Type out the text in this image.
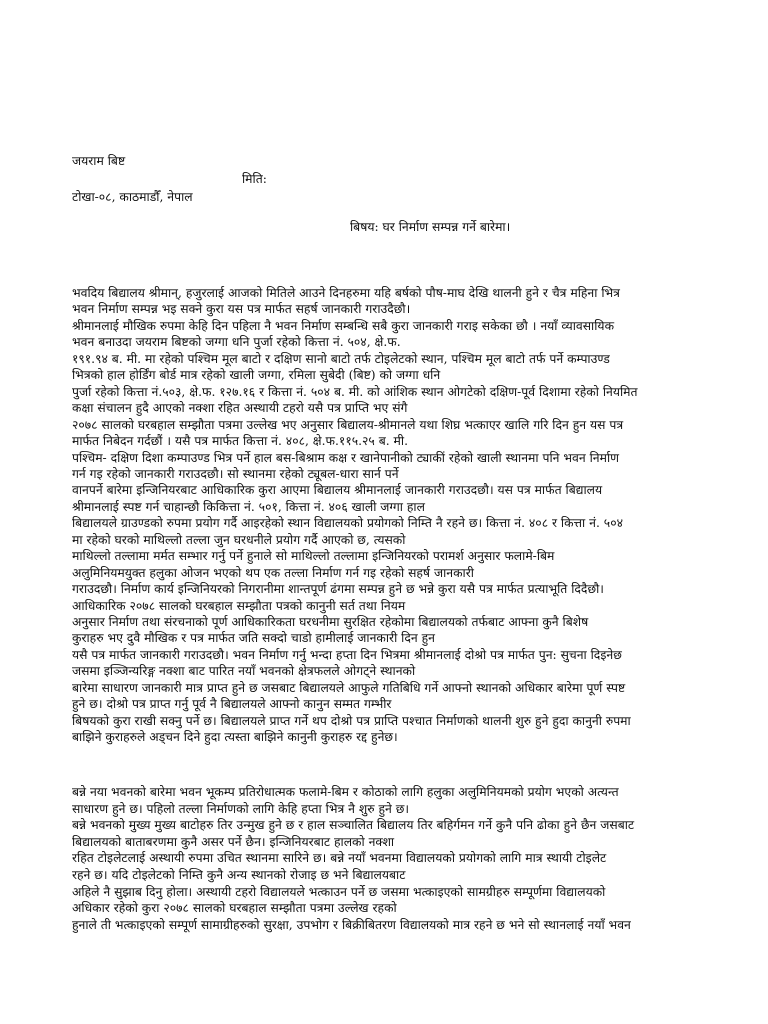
जयराम बिष्ट
मिति:
टोखा-०८, काठमाडौँ, नेपाल
बिषय: घर निर्माण सम्पन्न गर्ने बारेमा।
भवदिय बिद्यालय श्रीमान्, हजुरलाई आजको मितिले आउने दिनहरुमा यहि बर्षको पौष-माघ देखि थालनी हुने र चैत्र महिना भित्र
भवन निर्माण सम्पन्न भइ सक्ने कुरा यस पत्र मार्फत सहर्ष जानकारी गराउदैछौ।
श्रीमानलाई मौखिक रुपमा केहि दिन पहिला नै भवन निर्माण सम्बन्धि सबै कुरा जानकारी गराइ सकेका छौ । नयाँ व्यावसायिक
भवन बनाउदा जयराम बिष्टको जग्गा धनि पुर्जा रहेको कित्ता नं. ५०४, क्षे.फ.
१९१.९४ ब. मी. मा रहेको पश्चिम मूल बाटो र दक्षिण सानो बाटो तर्फ टोइलेटको स्थान, पश्चिम मूल बाटो तर्फ पर्ने कम्पाउण्ड
भित्रको हाल होर्डिंग बोर्ड मात्र रहेको खाली जग्गा, रमिला सुबेदी (बिष्ट) को जग्गा धनि
पुर्जा रहेको कित्ता नं.५०३, क्षे.फ. १२७.१६ र कित्ता नं. ५०४ ब. मी. को आंशिक स्थान ओगटेको दक्षिण-पूर्व दिशामा रहेको नियमित
कक्षा संचालन हुदै आएको नक्शा रहित अस्थायी टहरो यसै पत्र प्राप्ति भए संगै
२०७८ सालको घरबहाल सम्झौता पत्रमा उल्लेख भए अनुसार बिद्यालय-श्रीमानले यथा शिघ्र भत्काएर खालि गरि दिन हुन यस पत्र
मार्फत निबेदन गर्दछौं । यसै पत्र मार्फत कित्ता नं. ४०८, क्षे.फ.११५.२५ ब. मी.
पश्चिम- दक्षिण दिशा कम्पाउण्ड भित्र पर्ने हाल बस-बिश्राम कक्ष र खानेपानीको ट्याकीं रहेको खाली स्थानमा पनि भवन निर्माण
गर्न गइ रहेको जानकारी गराउदछौ। सो स्थानमा रहेको ट्यूबल-धारा सार्न पर्ने
वानपर्ने बारेमा इन्जिनियरबाट आधिकारिक कुरा आएमा बिद्यालय श्रीमानलाई जानकारी गराउदछौ। यस पत्र मार्फत बिद्यालय
श्रीमानलाई स्पष्ट गर्न चाहान्छौ किकित्ता नं. ५०१, कित्ता नं. ४०६ खाली जग्गा हाल
बिद्यालयले ग्राउण्डको रुपमा प्रयोग गर्दै आइरहेको स्थान विद्यालयको प्रयोगको निम्ति नै रहने छ। कित्ता नं. ४०८ र कित्ता नं. ५०४
मा रहेको घरको माथिल्लो तल्ला जुन घरधनीले प्रयोग गर्दै आएको छ, त्यसको
माथिल्लो तल्लामा मर्मत सम्भार गर्नु पर्ने हुनाले सो माथिल्लो तल्लामा इन्जिनियरको परामर्श अनुसार फलामे-बिम
अलुमिनियमयुक्त हलुका ओजन भएको थप एक तल्ला निर्माण गर्न गइ रहेको सहर्ष जानकारी
गराउदछौ। निर्माण कार्य इन्जिनियरको निगरानीमा शान्तपूर्ण ढंगमा सम्पन्न हुने छ भन्ने कुरा यसै पत्र मार्फत प्रत्याभूति दिदैछौ।
आधिकारिक २०७८ सालको घरबहाल सम्झौता पत्रको कानुनी सर्त तथा नियम
अनुसार निर्माण तथा संरचनाको पूर्ण आधिकारिकता घरधनीमा सुरक्षित रहेकोमा बिद्यालयको तर्फबाट आफ्ना कुनै बिशेष
कुराहरु भए दुवै मौखिक र पत्र मार्फत जति सक्दो चाडो हामीलाई जानकारी दिन हुन
यसै पत्र मार्फत जानकारी गराउदछौ। भवन निर्माण गर्नु भन्दा हप्ता दिन भित्रमा श्रीमानलाई दोश्रो पत्र मार्फत पुन: सुचना दिइनेछ
जसमा इञ्जिन्यरिङ्ग नक्शा बाट पारित नयाँ भवनको क्षेत्रफलले ओगट्ने स्थानको
बारेमा साधारण जानकारी मात्र प्राप्त हुने छ जसबाट बिद्यालयले आफुले गतिबिधि गर्ने आफ्नो स्थानको अधिकार बारेमा पूर्ण स्पष्ट
हुने छ। दोश्रो पत्र प्राप्त गर्नु पूर्व नै बिद्यालयले आफ्नो कानुन सम्मत गम्भीर
बिषयको कुरा राखी सक्नु पर्ने छ। बिद्यालयले प्राप्त गर्ने थप दोश्रो पत्र प्राप्ति पश्चात निर्माणको थालनी शुरु हुने हुदा कानुनी रुपमा
बाझिने कुराहरुले अड्चन दिने हुदा त्यस्ता बाझिने कानुनी कुराहरु रद्द हुनेछ।
बन्ने नया भवनको बारेमा भवन भूकम्प प्रतिरोधात्मक फलामे-बिम र कोठाको लागि हलुका अलुमिनियमको प्रयोग भएको अत्यन्त
साधारण हुने छ। पहिलो तल्ला निर्माणको लागि केहि हप्ता भित्र नै शुरु हुने छ।
बन्ने भवनको मुख्य मुख्य बाटोहरु तिर उन्मुख हुने छ र हाल सञ्चालित बिद्यालय तिर बहिर्गमन गर्ने कुनै पनि ढोका हुने छैन जसबाट
बिद्यालयको बाताबरणमा कुनै असर पर्ने छैन। इन्जिनियरबाट हालको नक्शा
रहित टोइलेटलाई अस्थायी रुपमा उचित स्थानमा सारिने छ। बन्ने नयाँ भवनमा विद्यालयको प्रयोगको लागि मात्र स्थायी टोइलेट
रहने छ। यदि टोइलेटको निम्ति कुनै अन्य स्थानको रोजाइ छ भने बिद्यालयबाट
अहिले नै सुझाब दिनु होला। अस्थायी टहरो विद्यालयले भत्काउन पर्ने छ जसमा भत्काइएको सामग्रीहरु सम्पूर्णमा विद्यालयको
अधिकार रहेको कुरा २०७८ सालको घरबहाल सम्झौता पत्रमा उल्लेख रहको
हुनाले ती भत्काइएको सम्पूर्ण सामाग्रीहरुको सुरक्षा, उपभोग र बिक्रीबितरण विद्यालयको मात्र रहने छ भने सो स्थानलाई नयाँ भवन
